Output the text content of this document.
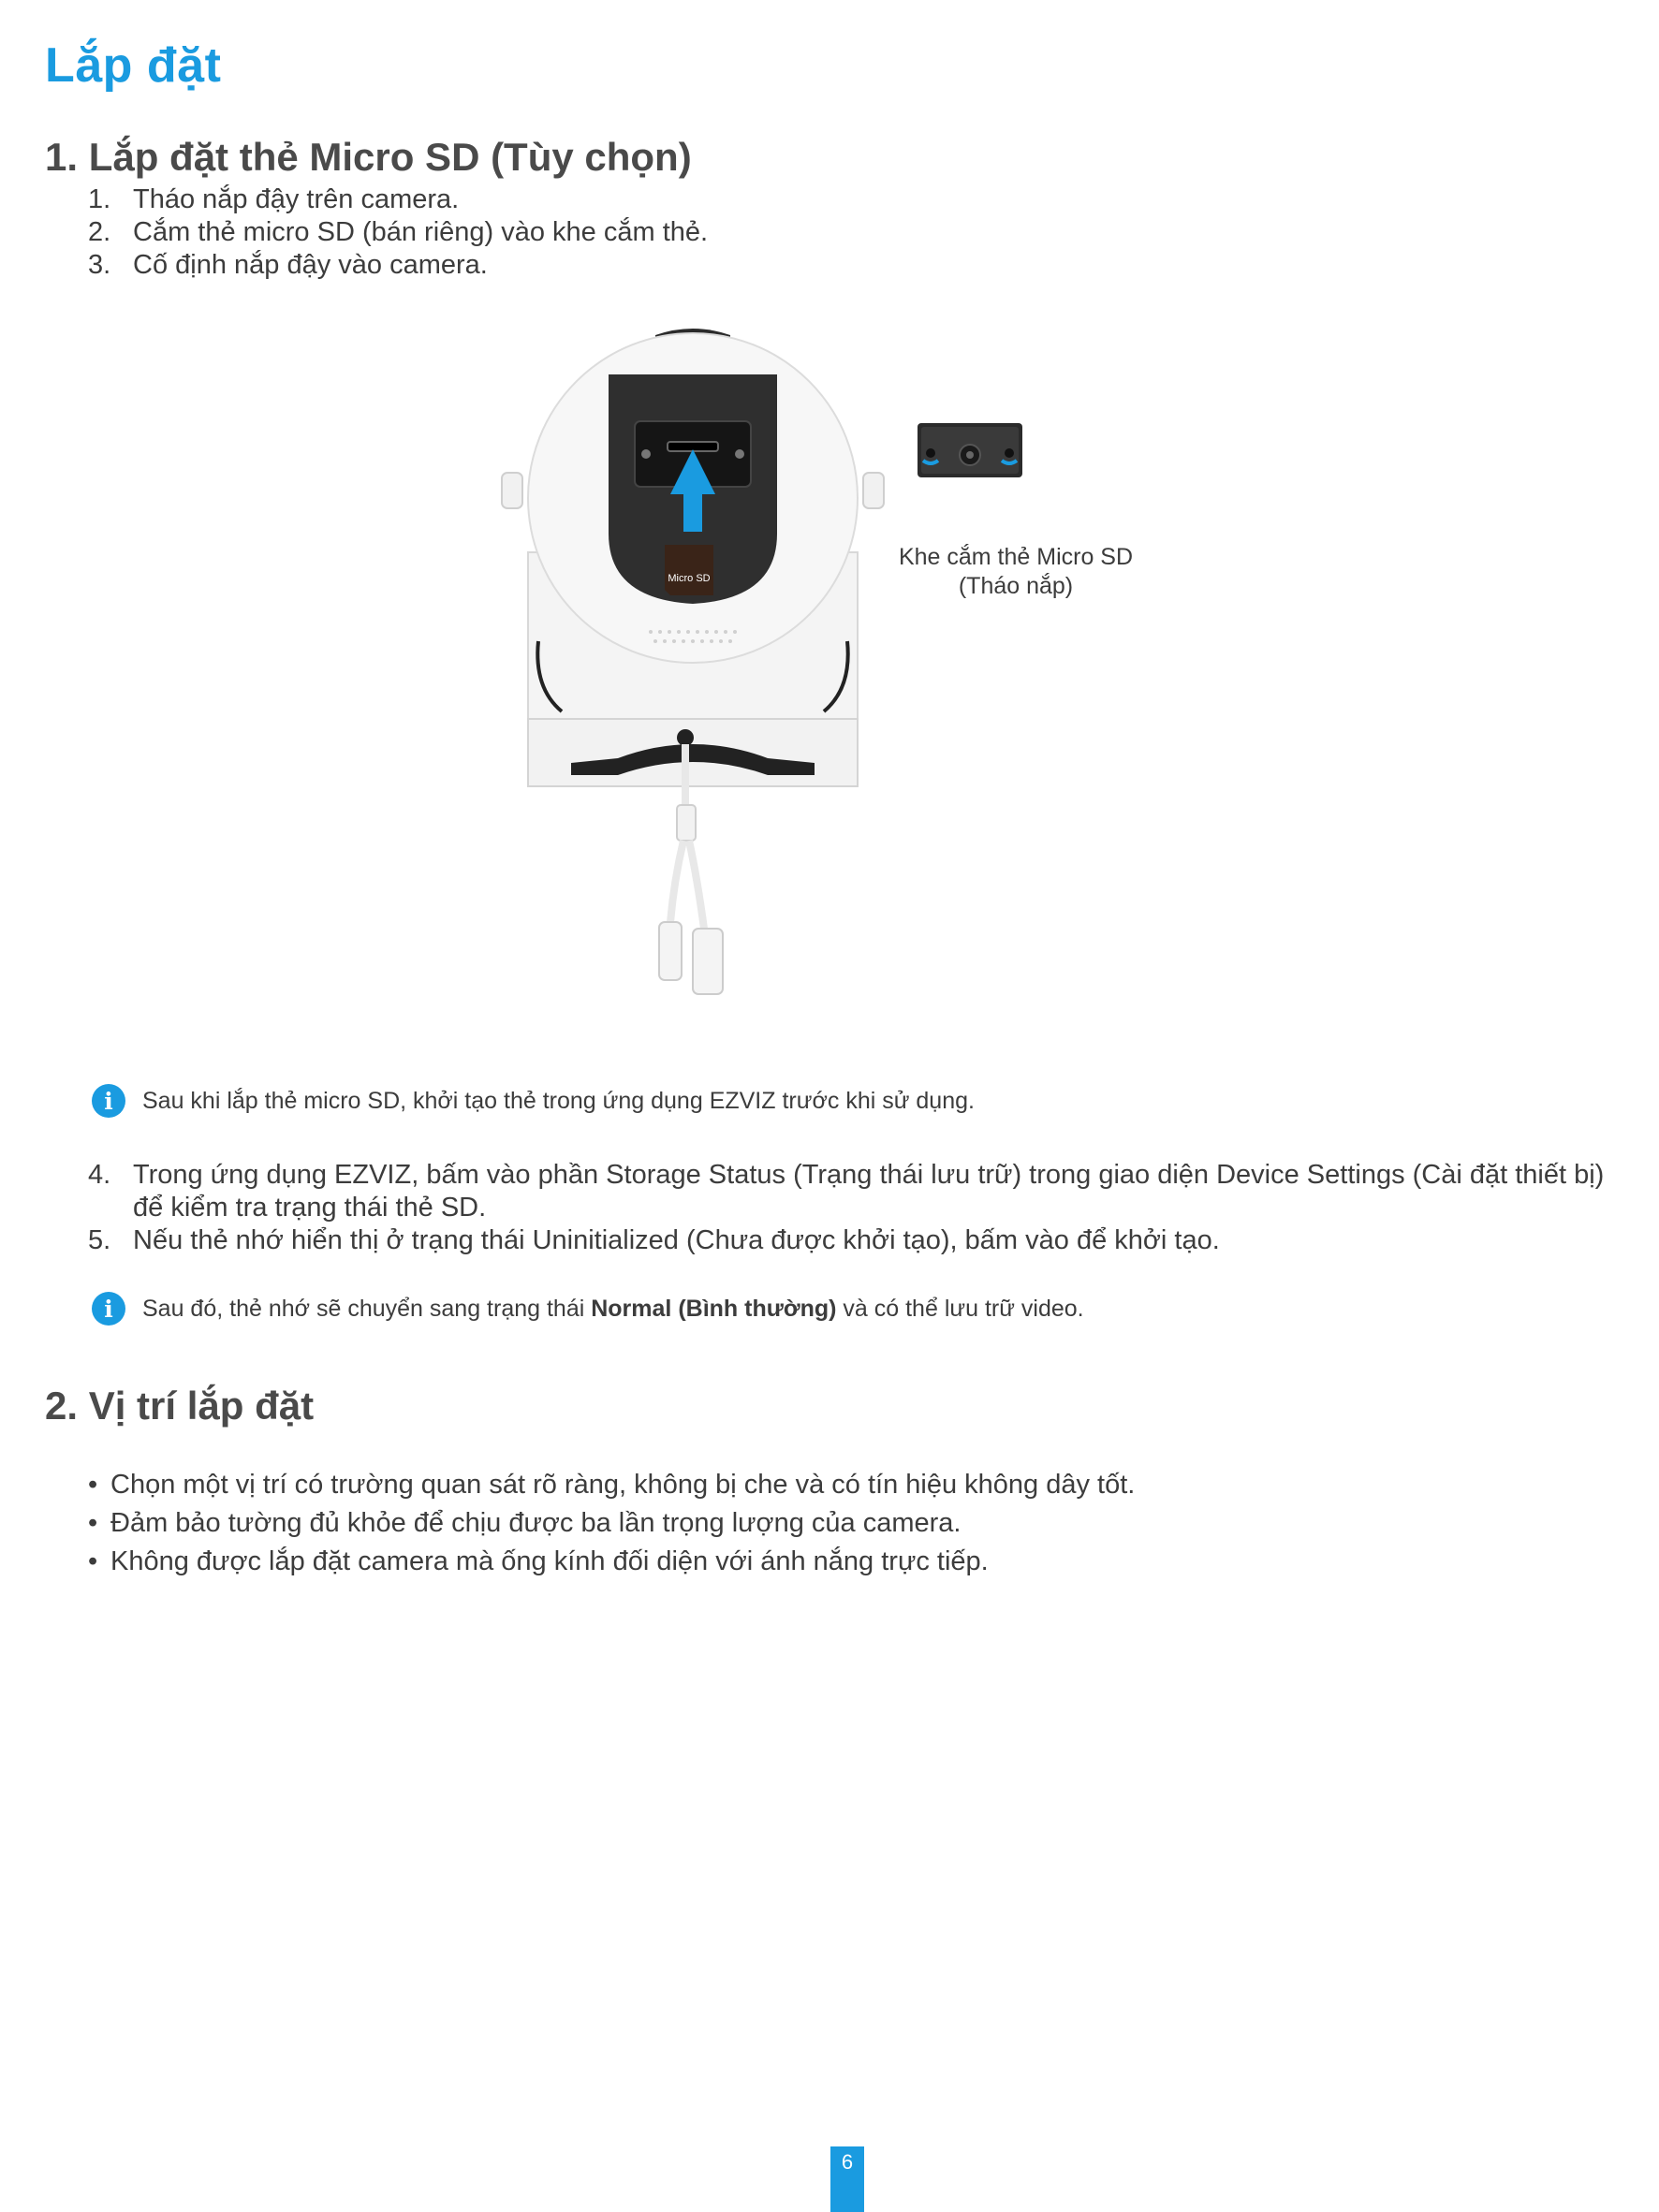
Lắp đặt
1. Lắp đặt thẻ Micro SD (Tùy chọn)
1. Tháo nắp đậy trên camera.
2. Cắm thẻ micro SD (bán riêng) vào khe cắm thẻ.
3. Cố định nắp đậy vào camera.
Micro SD
Khe cắm thẻ Micro SD
(Tháo nắp)
i	Sau khi lắp thẻ micro SD, khởi tạo thẻ trong ứng dụng EZVIZ trước khi sử dụng.
4. Trong ứng dụng EZVIZ, bấm vào phần Storage Status (Trạng thái lưu trữ) trong giao diện Device Settings (Cài đặt thiết bị) để kiểm tra trạng thái thẻ SD.
5. Nếu thẻ nhớ hiển thị ở trạng thái Uninitialized (Chưa được khởi tạo), bấm vào để khởi tạo.
i	Sau đó, thẻ nhớ sẽ chuyển sang trạng thái Normal (Bình thường) và có thể lưu trữ video.
2. Vị trí lắp đặt
• Chọn một vị trí có trường quan sát rõ ràng, không bị che và có tín hiệu không dây tốt.
• Đảm bảo tường đủ khỏe để chịu được ba lần trọng lượng của camera.
• Không được lắp đặt camera mà ống kính đối diện với ánh nắng trực tiếp.
6
